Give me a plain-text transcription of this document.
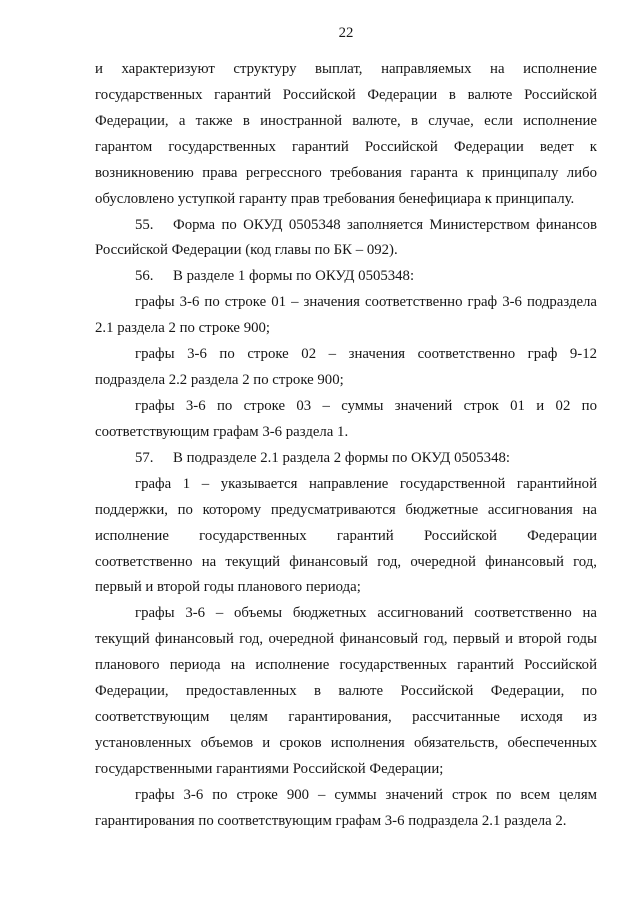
22
и характеризуют структуру выплат, направляемых на исполнение
государственных гарантий Российской Федерации в валюте Российской
Федерации, а также в иностранной валюте, в случае, если исполнение
гарантом государственных гарантий Российской Федерации ведет к
возникновению права регрессного требования гаранта к принципалу либо
обусловлено уступкой гаранту прав требования бенефициара к принципалу.
55. Форма по ОКУД 0505348 заполняется Министерством финансов
Российской Федерации (код главы по БК – 092).
56. В разделе 1 формы по ОКУД 0505348:
графы 3-6 по строке 01 – значения соответственно граф 3-6 подраздела
2.1 раздела 2 по строке 900;
графы 3-6 по строке 02 – значения соответственно граф 9-12
подраздела 2.2 раздела 2 по строке 900;
графы 3-6 по строке 03 – суммы значений строк 01 и 02 по
соответствующим графам 3-6 раздела 1.
57. В подразделе 2.1 раздела 2 формы по ОКУД 0505348:
графа 1 – указывается направление государственной гарантийной
поддержки, по которому предусматриваются бюджетные ассигнования на
исполнение государственных гарантий Российской Федерации
соответственно на текущий финансовый год, очередной финансовый год,
первый и второй годы планового периода;
графы 3-6 – объемы бюджетных ассигнований соответственно на
текущий финансовый год, очередной финансовый год, первый и второй годы
планового периода на исполнение государственных гарантий Российской
Федерации, предоставленных в валюте Российской Федерации, по
соответствующим целям гарантирования, рассчитанные исходя из
установленных объемов и сроков исполнения обязательств, обеспеченных
государственными гарантиями Российской Федерации;
графы 3-6 по строке 900 – суммы значений строк по всем целям
гарантирования по соответствующим графам 3-6 подраздела 2.1 раздела 2.
